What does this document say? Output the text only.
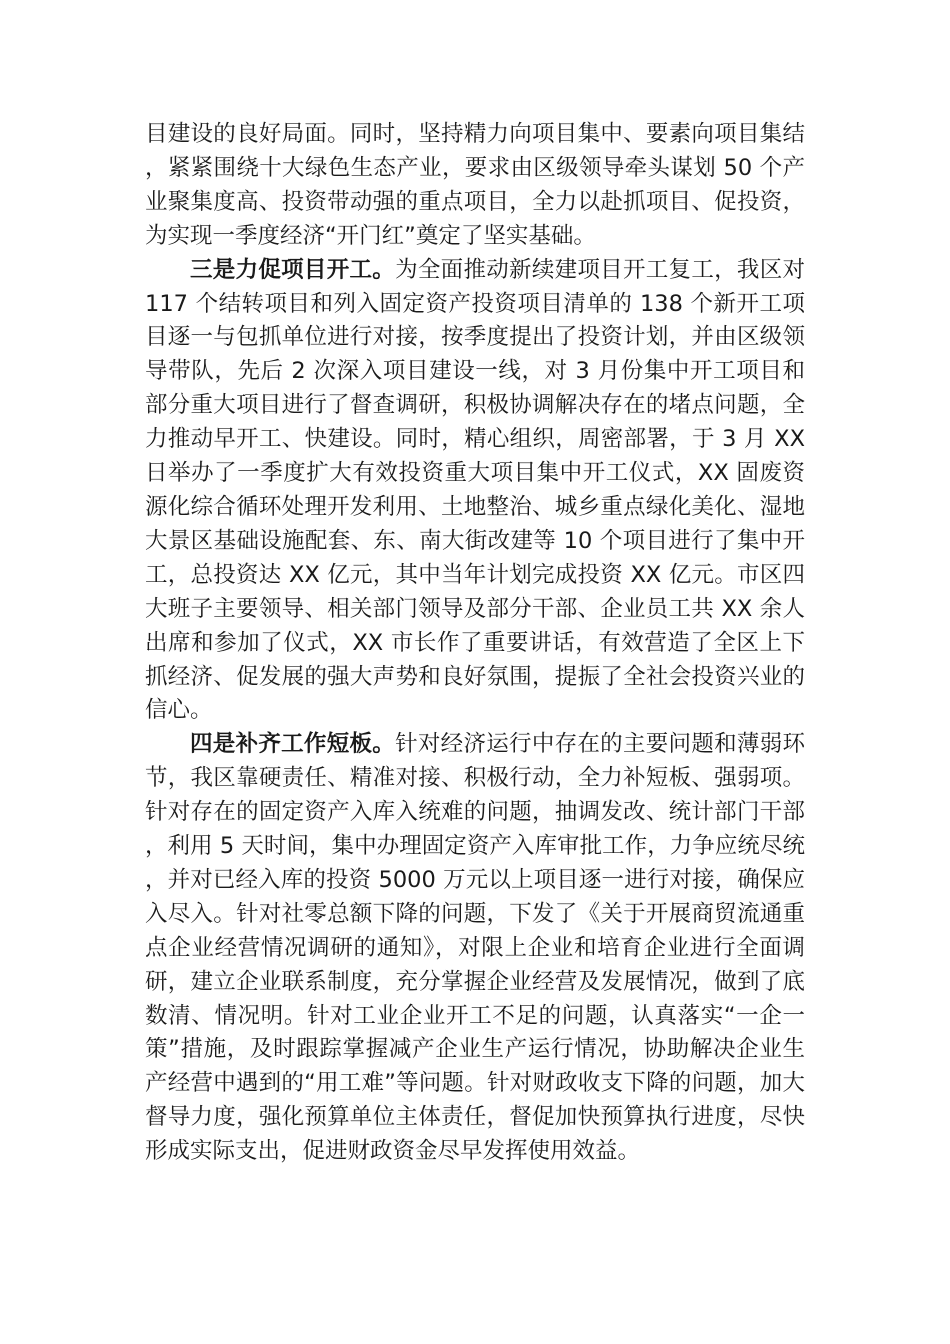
目建设的良好局面。同时，坚持精力向项目集中、要素向项目集结，紧紧围绕十大绿色生态产业，要求由区级领导牵头谋划 50 个产业聚集度高、投资带动强的重点项目，全力以赴抓项目、促投资，为实现一季度经济“开门红”奠定了坚实基础。

三是力促项目开工。为全面推动新续建项目开工复工，我区对 117 个结转项目和列入固定资产投资项目清单的 138 个新开工项目逐一与包抓单位进行对接，按季度提出了投资计划，并由区级领导带队，先后 2 次深入项目建设一线，对 3 月份集中开工项目和部分重大项目进行了督查调研，积极协调解决存在的堵点问题，全力推动早开工、快建设。同时，精心组织，周密部署，于 3 月 XX 日举办了一季度扩大有效投资重大项目集中开工仪式，XX 固废资源化综合循环处理开发利用、土地整治、城乡重点绿化美化、湿地大景区基础设施配套、东、南大街改建等 10 个项目进行了集中开工，总投资达 XX 亿元，其中当年计划完成投资 XX 亿元。市区四大班子主要领导、相关部门领导及部分干部、企业员工共 XX 余人出席和参加了仪式，XX 市长作了重要讲话，有效营造了全区上下抓经济、促发展的强大声势和良好氛围，提振了全社会投资兴业的信心。

四是补齐工作短板。针对经济运行中存在的主要问题和薄弱环节，我区靠硬责任、精准对接、积极行动，全力补短板、强弱项。针对存在的固定资产入库入统难的问题，抽调发改、统计部门干部，利用 5 天时间，集中办理固定资产入库审批工作，力争应统尽统，并对已经入库的投资 5000 万元以上项目逐一进行对接，确保应入尽入。针对社零总额下降的问题，下发了《关于开展商贸流通重点企业经营情况调研的通知》，对限上企业和培育企业进行全面调研，建立企业联系制度，充分掌握企业经营及发展情况，做到了底数清、情况明。针对工业企业开工不足的问题，认真落实“一企一策”措施，及时跟踪掌握减产企业生产运行情况，协助解决企业生产经营中遇到的“用工难”等问题。针对财政收支下降的问题，加大督导力度，强化预算单位主体责任，督促加快预算执行进度，尽快形成实际支出，促进财政资金尽早发挥使用效益。
